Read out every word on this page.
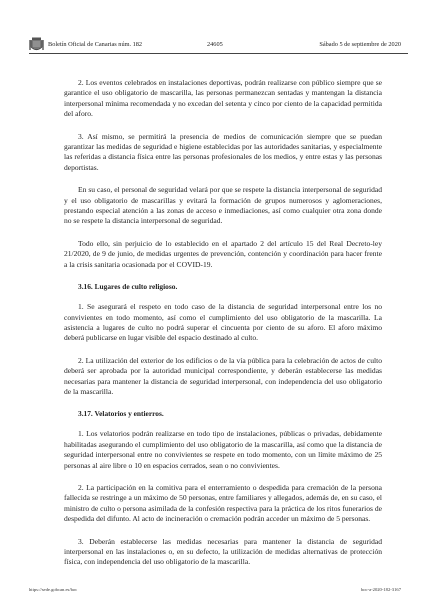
Boletín Oficial de Canarias núm. 182	24605	Sábado 5 de septiembre de 2020

2. Los eventos celebrados en instalaciones deportivas, podrán realizarse con público siempre que se garantice el uso obligatorio de mascarilla, las personas permanezcan sentadas y mantengan la distancia interpersonal mínima recomendada y no excedan del setenta y cinco por ciento de la capacidad permitida del aforo.

3. Así mismo, se permitirá la presencia de medios de comunicación siempre que se puedan garantizar las medidas de seguridad e higiene establecidas por las autoridades sanitarias, y especialmente las referidas a distancia física entre las personas profesionales de los medios, y entre estas y las personas deportistas.

En su caso, el personal de seguridad velará por que se respete la distancia interpersonal de seguridad y el uso obligatorio de mascarillas y evitará la formación de grupos numerosos y aglomeraciones, prestando especial atención a las zonas de acceso e inmediaciones, así como cualquier otra zona donde no se respete la distancia interpersonal de seguridad.

Todo ello, sin perjuicio de lo establecido en el apartado 2 del artículo 15 del Real Decreto-ley 21/2020, de 9 de junio, de medidas urgentes de prevención, contención y coordinación para hacer frente a la crisis sanitaria ocasionada por el COVID-19.

3.16. Lugares de culto religioso.

1. Se asegurará el respeto en todo caso de la distancia de seguridad interpersonal entre los no convivientes en todo momento, así como el cumplimiento del uso obligatorio de la mascarilla. La asistencia a lugares de culto no podrá superar el cincuenta por ciento de su aforo. El aforo máximo deberá publicarse en lugar visible del espacio destinado al culto.

2. La utilización del exterior de los edificios o de la vía pública para la celebración de actos de culto deberá ser aprobada por la autoridad municipal correspondiente, y deberán establecerse las medidas necesarias para mantener la distancia de seguridad interpersonal, con independencia del uso obligatorio de la mascarilla.

3.17. Velatorios y entierros.

1. Los velatorios podrán realizarse en todo tipo de instalaciones, públicas o privadas, debidamente habilitadas asegurando el cumplimiento del uso obligatorio de la mascarilla, así como que la distancia de seguridad interpersonal entre no convivientes se respete en todo momento, con un límite máximo de 25 personas al aire libre o 10 en espacios cerrados, sean o no convivientes.

2. La participación en la comitiva para el enterramiento o despedida para cremación de la persona fallecida se restringe a un máximo de 50 personas, entre familiares y allegados, además de, en su caso, el ministro de culto o persona asimilada de la confesión respectiva para la práctica de los ritos funerarios de despedida del difunto. Al acto de incineración o cremación podrán acceder un máximo de 5 personas.

3. Deberán establecerse las medidas necesarias para mantener la distancia de seguridad interpersonal en las instalaciones o, en su defecto, la utilización de medidas alternativas de protección física, con independencia del uso obligatorio de la mascarilla.

https://sede.gobcan.es/boc	boc-a-2020-182-3167
